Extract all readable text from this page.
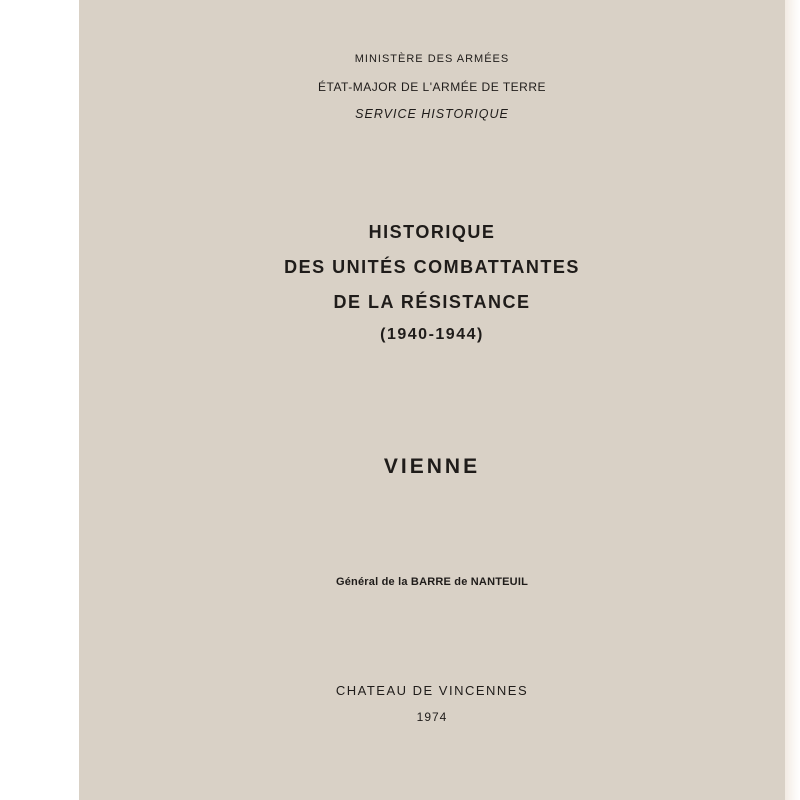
MINISTÈRE DES ARMÉES
ÉTAT-MAJOR DE L'ARMÉE DE TERRE
SERVICE HISTORIQUE
HISTORIQUE
DES UNITÉS COMBATTANTES
DE LA RÉSISTANCE
(1940-1944)
VIENNE
Général de la BARRE de NANTEUIL
CHATEAU DE VINCENNES
1974
